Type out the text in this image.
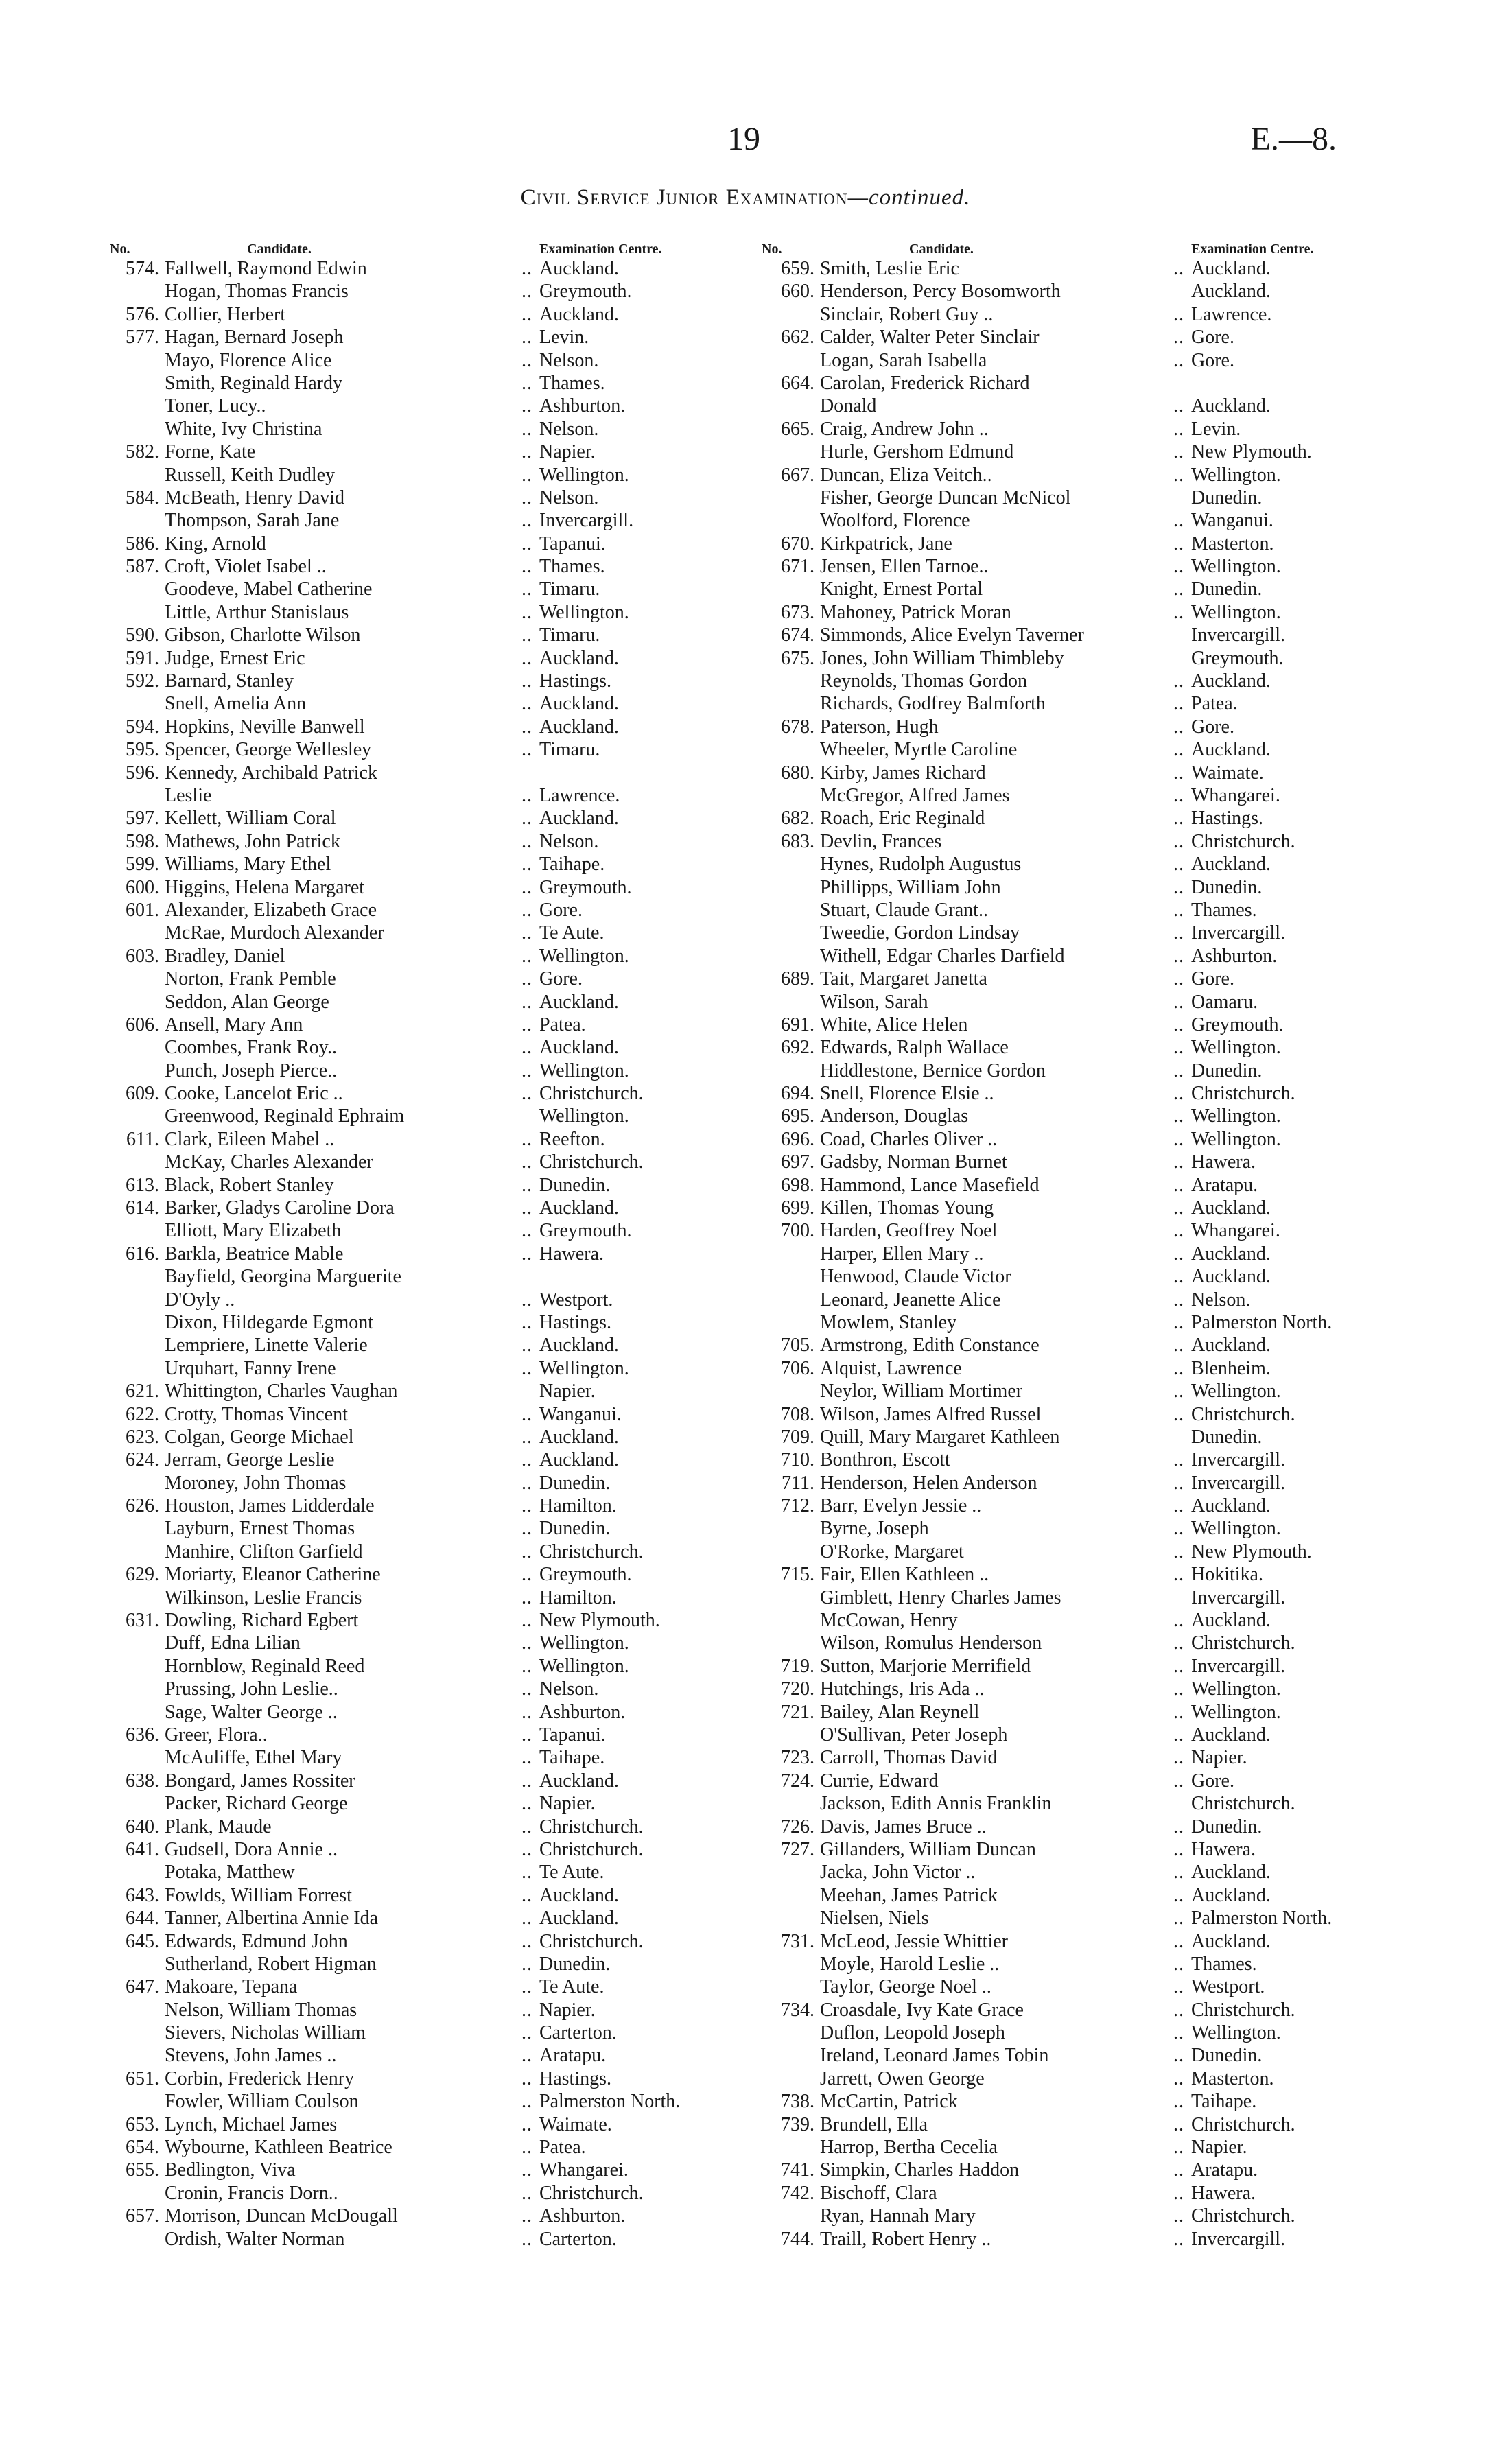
19	E.—8.
Civil Service Junior Examination—continued.
No.	Candidate.	Examination Centre.
574. Fallwell, Raymond Edwin	.. Auckland.
Hogan, Thomas Francis	.. Greymouth.
576. Collier, Herbert	.. Auckland.
577. Hagan, Bernard Joseph	.. Levin.
Mayo, Florence Alice	.. Nelson.
Smith, Reginald Hardy	.. Thames.
Toner, Lucy..	.. Ashburton.
White, Ivy Christina	.. Nelson.
582. Forne, Kate	.. Napier.
Russell, Keith Dudley	.. Wellington.
584. McBeath, Henry David	.. Nelson.
Thompson, Sarah Jane	.. Invercargill.
586. King, Arnold	.. Tapanui.
587. Croft, Violet Isabel ..	.. Thames.
Goodeve, Mabel Catherine	.. Timaru.
Little, Arthur Stanislaus	.. Wellington.
590. Gibson, Charlotte Wilson	.. Timaru.
591. Judge, Ernest Eric	.. Auckland.
592. Barnard, Stanley	.. Hastings.
Snell, Amelia Ann	.. Auckland.
594. Hopkins, Neville Banwell	.. Auckland.
595. Spencer, George Wellesley	.. Timaru.
596. Kennedy, Archibald Patrick
Leslie	.. Lawrence.
597. Kellett, William Coral	.. Auckland.
598. Mathews, John Patrick	.. Nelson.
599. Williams, Mary Ethel	.. Taihape.
600. Higgins, Helena Margaret	.. Greymouth.
601. Alexander, Elizabeth Grace	.. Gore.
McRae, Murdoch Alexander	.. Te Aute.
603. Bradley, Daniel	.. Wellington.
Norton, Frank Pemble	.. Gore.
Seddon, Alan George	.. Auckland.
606. Ansell, Mary Ann	.. Patea.
Coombes, Frank Roy..	.. Auckland.
Punch, Joseph Pierce..	.. Wellington.
609. Cooke, Lancelot Eric ..	.. Christchurch.
Greenwood, Reginald Ephraim	Wellington.
611. Clark, Eileen Mabel ..	.. Reefton.
McKay, Charles Alexander	.. Christchurch.
613. Black, Robert Stanley	.. Dunedin.
614. Barker, Gladys Caroline Dora	.. Auckland.
Elliott, Mary Elizabeth	.. Greymouth.
616. Barkla, Beatrice Mable	.. Hawera.
Bayfield, Georgina Marguerite
D'Oyly ..	.. Westport.
Dixon, Hildegarde Egmont	.. Hastings.
Lempriere, Linette Valerie	.. Auckland.
Urquhart, Fanny Irene	.. Wellington.
621. Whittington, Charles Vaughan	Napier.
622. Crotty, Thomas Vincent	.. Wanganui.
623. Colgan, George Michael	.. Auckland.
624. Jerram, George Leslie	.. Auckland.
Moroney, John Thomas	.. Dunedin.
626. Houston, James Lidderdale	.. Hamilton.
Layburn, Ernest Thomas	.. Dunedin.
Manhire, Clifton Garfield	.. Christchurch.
629. Moriarty, Eleanor Catherine	.. Greymouth.
Wilkinson, Leslie Francis	.. Hamilton.
631. Dowling, Richard Egbert	.. New Plymouth.
Duff, Edna Lilian	.. Wellington.
Hornblow, Reginald Reed	.. Wellington.
Prussing, John Leslie..	.. Nelson.
Sage, Walter George ..	.. Ashburton.
636. Greer, Flora..	.. Tapanui.
McAuliffe, Ethel Mary	.. Taihape.
638. Bongard, James Rossiter	.. Auckland.
Packer, Richard George	.. Napier.
640. Plank, Maude	.. Christchurch.
641. Gudsell, Dora Annie ..	.. Christchurch.
Potaka, Matthew	.. Te Aute.
643. Fowlds, William Forrest	.. Auckland.
644. Tanner, Albertina Annie Ida	.. Auckland.
645. Edwards, Edmund John	.. Christchurch.
Sutherland, Robert Higman	.. Dunedin.
647. Makoare, Tepana	.. Te Aute.
Nelson, William Thomas	.. Napier.
Sievers, Nicholas William	.. Carterton.
Stevens, John James ..	.. Aratapu.
651. Corbin, Frederick Henry	.. Hastings.
Fowler, William Coulson	.. Palmerston North.
653. Lynch, Michael James	.. Waimate.
654. Wybourne, Kathleen Beatrice	.. Patea.
655. Bedlington, Viva	.. Whangarei.
Cronin, Francis Dorn..	.. Christchurch.
657. Morrison, Duncan McDougall	.. Ashburton.
Ordish, Walter Norman	.. Carterton.
No.	Candidate.	Examination Centre.
659. Smith, Leslie Eric	.. Auckland.
660. Henderson, Percy Bosomworth	Auckland.
Sinclair, Robert Guy ..	.. Lawrence.
662. Calder, Walter Peter Sinclair	.. Gore.
Logan, Sarah Isabella	.. Gore.
664. Carolan, Frederick Richard
Donald	.. Auckland.
665. Craig, Andrew John ..	.. Levin.
Hurle, Gershom Edmund	.. New Plymouth.
667. Duncan, Eliza Veitch..	.. Wellington.
Fisher, George Duncan McNicol	Dunedin.
Woolford, Florence	.. Wanganui.
670. Kirkpatrick, Jane	.. Masterton.
671. Jensen, Ellen Tarnoe..	.. Wellington.
Knight, Ernest Portal	.. Dunedin.
673. Mahoney, Patrick Moran	.. Wellington.
674. Simmonds, Alice Evelyn Taverner	Invercargill.
675. Jones, John William Thimbleby	Greymouth.
Reynolds, Thomas Gordon	.. Auckland.
Richards, Godfrey Balmforth	.. Patea.
678. Paterson, Hugh	.. Gore.
Wheeler, Myrtle Caroline	.. Auckland.
680. Kirby, James Richard	.. Waimate.
McGregor, Alfred James	.. Whangarei.
682. Roach, Eric Reginald	.. Hastings.
683. Devlin, Frances	.. Christchurch.
Hynes, Rudolph Augustus	.. Auckland.
Phillipps, William John	.. Dunedin.
Stuart, Claude Grant..	.. Thames.
Tweedie, Gordon Lindsay	.. Invercargill.
Withell, Edgar Charles Darfield	.. Ashburton.
689. Tait, Margaret Janetta	.. Gore.
Wilson, Sarah	.. Oamaru.
691. White, Alice Helen	.. Greymouth.
692. Edwards, Ralph Wallace	.. Wellington.
Hiddlestone, Bernice Gordon	.. Dunedin.
694. Snell, Florence Elsie ..	.. Christchurch.
695. Anderson, Douglas	.. Wellington.
696. Coad, Charles Oliver ..	.. Wellington.
697. Gadsby, Norman Burnet	.. Hawera.
698. Hammond, Lance Masefield	.. Aratapu.
699. Killen, Thomas Young	.. Auckland.
700. Harden, Geoffrey Noel	.. Whangarei.
Harper, Ellen Mary ..	.. Auckland.
Henwood, Claude Victor	.. Auckland.
Leonard, Jeanette Alice	.. Nelson.
Mowlem, Stanley	.. Palmerston North.
705. Armstrong, Edith Constance	.. Auckland.
706. Alquist, Lawrence	.. Blenheim.
Neylor, William Mortimer	.. Wellington.
708. Wilson, James Alfred Russel	.. Christchurch.
709. Quill, Mary Margaret Kathleen	Dunedin.
710. Bonthron, Escott	.. Invercargill.
711. Henderson, Helen Anderson	.. Invercargill.
712. Barr, Evelyn Jessie ..	.. Auckland.
Byrne, Joseph	.. Wellington.
O'Rorke, Margaret	.. New Plymouth.
715. Fair, Ellen Kathleen ..	.. Hokitika.
Gimblett, Henry Charles James	Invercargill.
McCowan, Henry	.. Auckland.
Wilson, Romulus Henderson	.. Christchurch.
719. Sutton, Marjorie Merrifield	.. Invercargill.
720. Hutchings, Iris Ada ..	.. Wellington.
721. Bailey, Alan Reynell	.. Wellington.
O'Sullivan, Peter Joseph	.. Auckland.
723. Carroll, Thomas David	.. Napier.
724. Currie, Edward	.. Gore.
Jackson, Edith Annis Franklin	Christchurch.
726. Davis, James Bruce ..	.. Dunedin.
727. Gillanders, William Duncan	.. Hawera.
Jacka, John Victor ..	.. Auckland.
Meehan, James Patrick	.. Auckland.
Nielsen, Niels	.. Palmerston North.
731. McLeod, Jessie Whittier	.. Auckland.
Moyle, Harold Leslie ..	.. Thames.
Taylor, George Noel ..	.. Westport.
734. Croasdale, Ivy Kate Grace	.. Christchurch.
Duflon, Leopold Joseph	.. Wellington.
Ireland, Leonard James Tobin	.. Dunedin.
Jarrett, Owen George	.. Masterton.
738. McCartin, Patrick	.. Taihape.
739. Brundell, Ella	.. Christchurch.
Harrop, Bertha Cecelia	.. Napier.
741. Simpkin, Charles Haddon	.. Aratapu.
742. Bischoff, Clara	.. Hawera.
Ryan, Hannah Mary	.. Christchurch.
744. Traill, Robert Henry ..	.. Invercargill.
